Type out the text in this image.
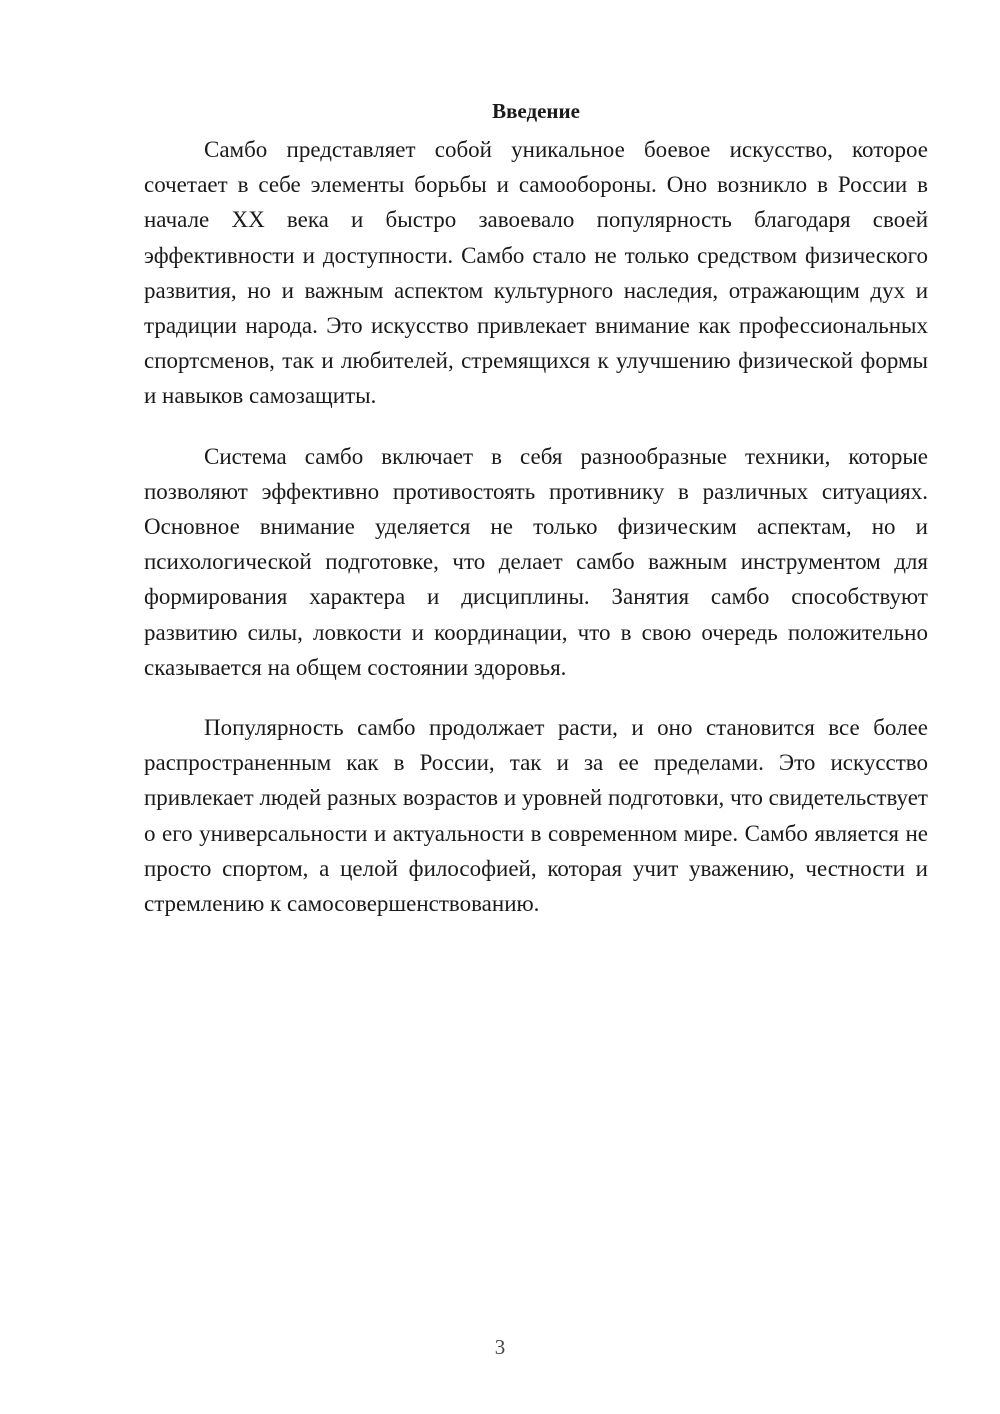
Введение

Самбо представляет собой уникальное боевое искусство, которое сочетает в себе элементы борьбы и самообороны. Оно возникло в России в начале XX века и быстро завоевало популярность благодаря своей эффективности и доступности. Самбо стало не только средством физического развития, но и важным аспектом культурного наследия, отражающим дух и традиции народа. Это искусство привлекает внимание как профессиональных спортсменов, так и любителей, стремящихся к улучшению физической формы и навыков самозащиты.

Система самбо включает в себя разнообразные техники, которые позволяют эффективно противостоять противнику в различных ситуациях. Основное внимание уделяется не только физическим аспектам, но и психологической подготовке, что делает самбо важным инструментом для формирования характера и дисциплины. Занятия самбо способствуют развитию силы, ловкости и координации, что в свою очередь положительно сказывается на общем состоянии здоровья.

Популярность самбо продолжает расти, и оно становится все более распространенным как в России, так и за ее пределами. Это искусство привлекает людей разных возрастов и уровней подготовки, что свидетельствует о его универсальности и актуальности в современном мире. Самбо является не просто спортом, а целой философией, которая учит уважению, честности и стремлению к самосовершенствованию.

3
